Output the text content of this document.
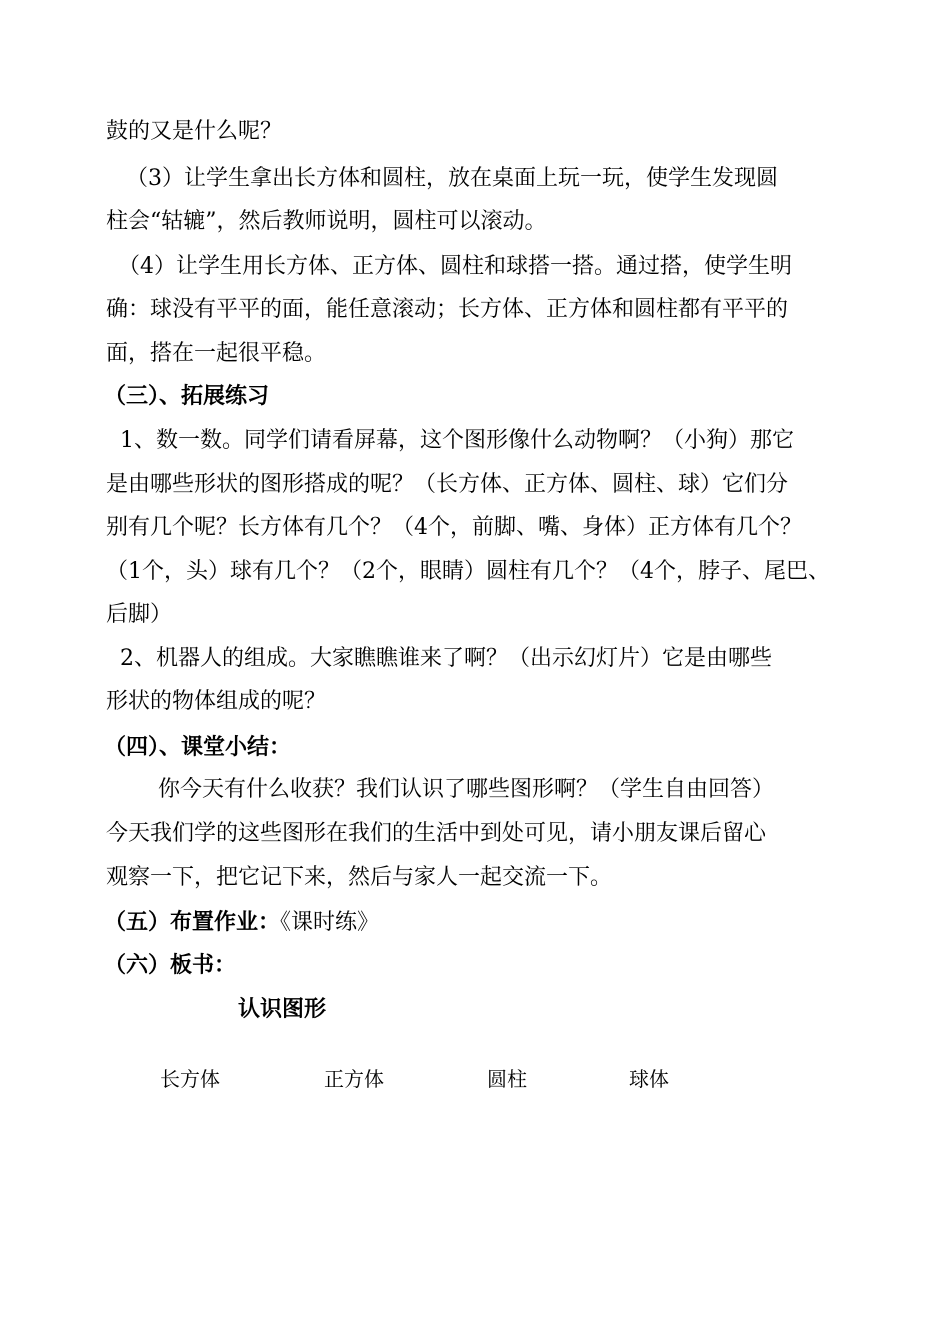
鼓的又是什么呢？
（3）让学生拿出长方体和圆柱，放在桌面上玩一玩，使学生发现圆
柱会“轱辘”，然后教师说明，圆柱可以滚动。
（4）让学生用长方体、正方体、圆柱和球搭一搭。通过搭，使学生明
确：球没有平平的面，能任意滚动；长方体、正方体和圆柱都有平平的
面，搭在一起很平稳。
（三）、拓展练习
1、数一数。同学们请看屏幕，这个图形像什么动物啊？（小狗）那它
是由哪些形状的图形搭成的呢？（长方体、正方体、圆柱、球）它们分
别有几个呢？长方体有几个？（4个，前脚、嘴、身体）正方体有几个？
（1个，头）球有几个？（2个，眼睛）圆柱有几个？（4个，脖子、尾巴、
后脚）
2、机器人的组成。大家瞧瞧谁来了啊？（出示幻灯片）它是由哪些
形状的物体组成的呢？
（四）、课堂小结：
你今天有什么收获？我们认识了哪些图形啊？（学生自由回答）
今天我们学的这些图形在我们的生活中到处可见，请小朋友课后留心
观察一下，把它记下来，然后与家人一起交流一下。
（五）布置作业：《课时练》
（六）板书：
认识图形
长方体	正方体	圆柱	球体
